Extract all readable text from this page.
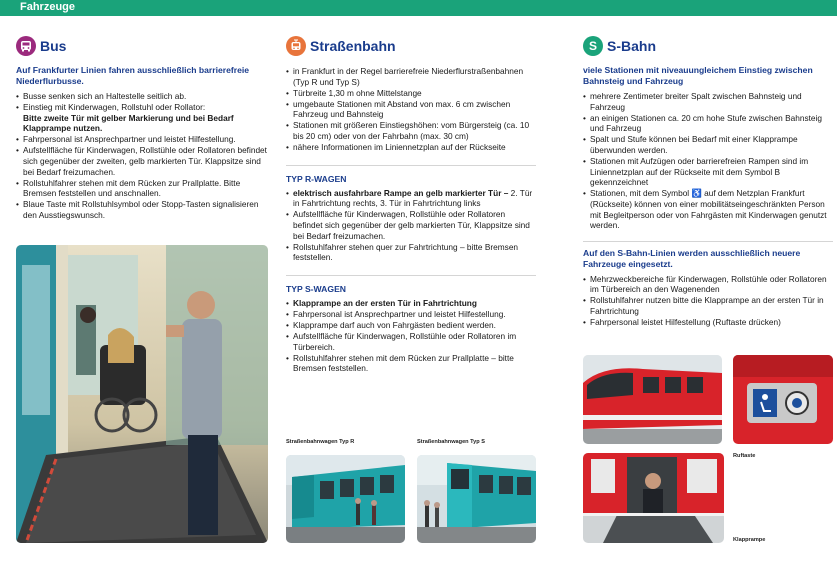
Fahrzeuge
Bus

Auf Frankfurter Linien fahren ausschließlich barrierefreie Niederflurbusse.

• Busse senken sich an Haltestelle seitlich ab.
• Einstieg mit Kinderwagen, Rollstuhl oder Rollator:
Bitte zweite Tür mit gelber Markierung und bei Bedarf Klapprampe nutzen.
• Fahrpersonal ist Ansprechpartner und leistet Hilfestellung.
• Aufstellfläche für Kinderwagen, Rollstühle oder Rollatoren befindet sich gegenüber der zweiten, gelb markierten Tür. Klappsitze sind bei Bedarf freizumachen.
• Rollstuhlfahrer stehen mit dem Rücken zur Prallplatte. Bitte Bremsen feststellen und anschnallen.
• Blaue Taste mit Rollstuhlsymbol oder Stopp-Tasten signalisieren den Ausstiegswunsch.
Straßenbahn
• in Frankfurt in der Regel barrierefreie Niederflurstraßenbahnen (Typ R und Typ S)
• Türbreite 1,30 m ohne Mittelstange
• umgebaute Stationen mit Abstand von max. 6 cm zwischen Fahrzeug und Bahnsteig
• Stationen mit größeren Einstiegshöhen: vom Bürgersteig (ca. 10 bis 20 cm) oder von der Fahrbahn (max. 30 cm)
• nähere Informationen im Liniennetzplan auf der Rückseite
TYP R-WAGEN
• elektrisch ausfahrbare Rampe an gelb markierter Tür – 2. Tür in Fahrtrichtung rechts, 3. Tür in Fahrtrichtung links
• Aufstellfläche für Kinderwagen, Rollstühle oder Rollatoren befindet sich gegenüber der gelb markierten Tür, Klappsitze sind bei Bedarf freizumachen.
• Rollstuhlfahrer stehen quer zur Fahrtrichtung – bitte Bremsen feststellen.
TYP S-WAGEN
• Klapprampe an der ersten Tür in Fahrtrichtung
• Fahrpersonal ist Ansprechpartner und leistet Hilfestellung.
• Klapprampe darf auch von Fahrgästen bedient werden.
• Aufstellfläche für Kinderwagen, Rollstühle oder Rollatoren im Türbereich.
• Rollstuhlfahrer stehen mit dem Rücken zur Prallplatte – bitte Bremsen feststellen.
Straßenbahnwagen Typ R	Straßenbahnwagen Typ S
S S-Bahn

viele Stationen mit niveauungleichem Einstieg zwischen Bahnsteig und Fahrzeug

• mehrere Zentimeter breiter Spalt zwischen Bahnsteig und Fahrzeug
• an einigen Stationen ca. 20 cm hohe Stufe zwischen Bahnsteig und Fahrzeug
• Spalt und Stufe können bei Bedarf mit einer Klapprampe überwunden werden.
• Stationen mit Aufzügen oder barrierefreien Rampen sind im Liniennetzplan auf der Rückseite mit dem Symbol B gekennzeichnet
• Stationen, mit dem Symbol ♿ auf dem Netzplan Frankfurt (Rückseite) können von einer mobilitätseingeschränkten Person mit Begleitperson oder von Fahrgästen mit Kinderwagen genutzt werden.

Auf den S-Bahn-Linien werden ausschließlich neuere Fahrzeuge eingesetzt.

• Mehrzweckbereiche für Kinderwagen, Rollstühle oder Rollatoren im Türbereich an den Wagenenden
• Rollstuhlfahrer nutzen bitte die Klapprampe an der ersten Tür in Fahrtrichtung
• Fahrpersonal leistet Hilfestellung (Ruftaste drücken)
Ruftaste
Klapprampe
